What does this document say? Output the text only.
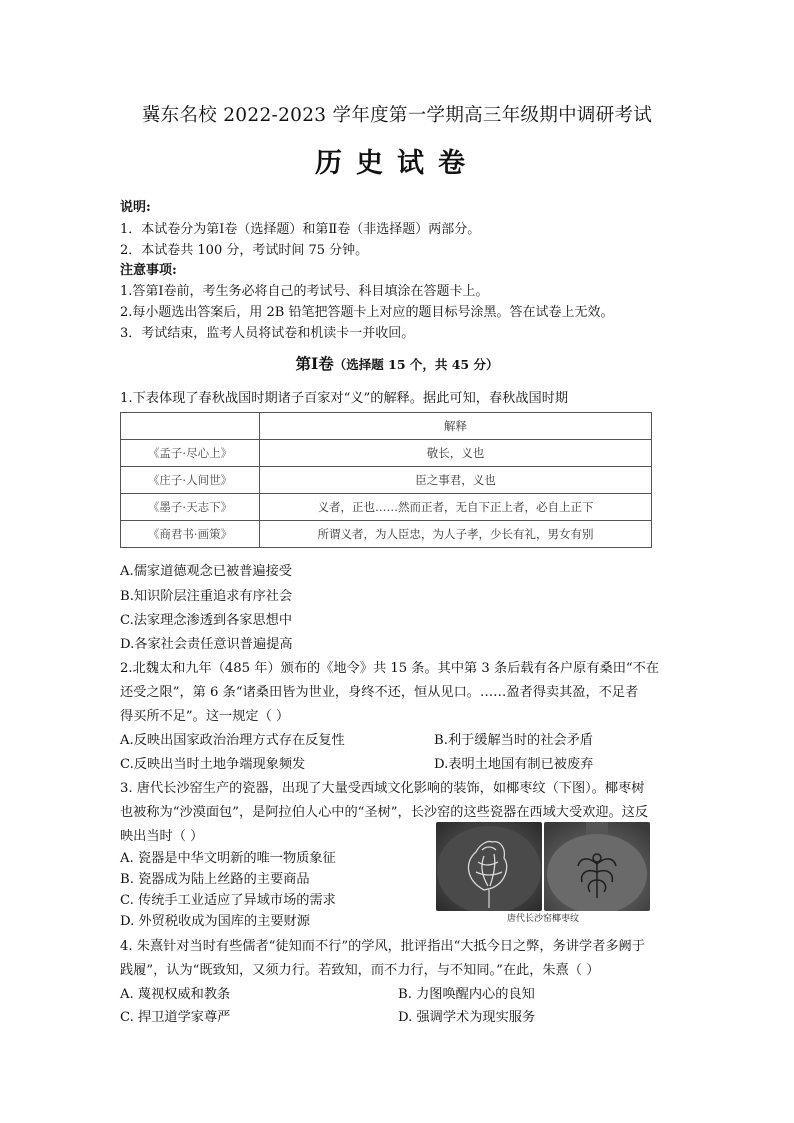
冀东名校 2022-2023 学年度第一学期高三年级期中调研考试
历史试卷
说明:
1．本试卷分为第Ⅰ卷（选择题）和第Ⅱ卷（非选择题）两部分。
2．本试卷共 100 分，考试时间 75 分钟。
注意事项:
1.答第Ⅰ卷前，考生务必将自己的考试号、科目填涂在答题卡上。
2.每小题选出答案后，用 2B 铅笔把答题卡上对应的题目标号涂黑。答在试卷上无效。
3．考试结束，监考人员将试卷和机读卡一并收回。
第Ⅰ卷（选择题 15 个，共 45 分）
1.下表体现了春秋战国时期诸子百家对“义”的解释。据此可知，春秋战国时期
	解释
《孟子·尽心上》	敬长，义也
《庄子·人间世》	臣之事君，义也
《墨子·天志下》	义者，正也……然而正者，无自下正上者，必自上正下
《商君书·画策》	所谓义者，为人臣忠，为人子孝，少长有礼，男女有别
A.儒家道德观念已被普遍接受
B.知识阶层注重追求有序社会
C.法家理念渗透到各家思想中
D.各家社会责任意识普遍提高
2.北魏太和九年（485 年）颁布的《地令》共 15 条。其中第 3 条后载有各户原有桑田“不在
还受之限”，第 6 条“诸桑田皆为世业，身终不还，恒从见口。……盈者得卖其盈，不足者
得买所不足”。这一规定（ ）
A.反映出国家政治治理方式存在反复性	B.利于缓解当时的社会矛盾
C.反映出当时土地争端现象频发	D.表明土地国有制已被废弃
3. 唐代长沙窑生产的瓷器，出现了大量受西域文化影响的装饰，如椰枣纹（下图）。椰枣树
也被称为“沙漠面包”，是阿拉伯人心中的“圣树”，长沙窑的这些瓷器在西域大受欢迎。这反
映出当时（ ）
A. 瓷器是中华文明新的唯一物质象征
B. 瓷器成为陆上丝路的主要商品
C. 传统手工业适应了异域市场的需求
D. 外贸税收成为国库的主要财源	唐代长沙窑椰枣纹
4. 朱熹针对当时有些儒者“徒知而不行”的学风，批评指出“大抵今日之弊，务讲学者多阙于
践履”，认为“既致知，又须力行。若致知，而不力行，与不知同。”在此，朱熹（ ）
A. 蔑视权威和教条	B. 力图唤醒内心的良知
C. 捍卫道学家尊严	D. 强调学术为现实服务
